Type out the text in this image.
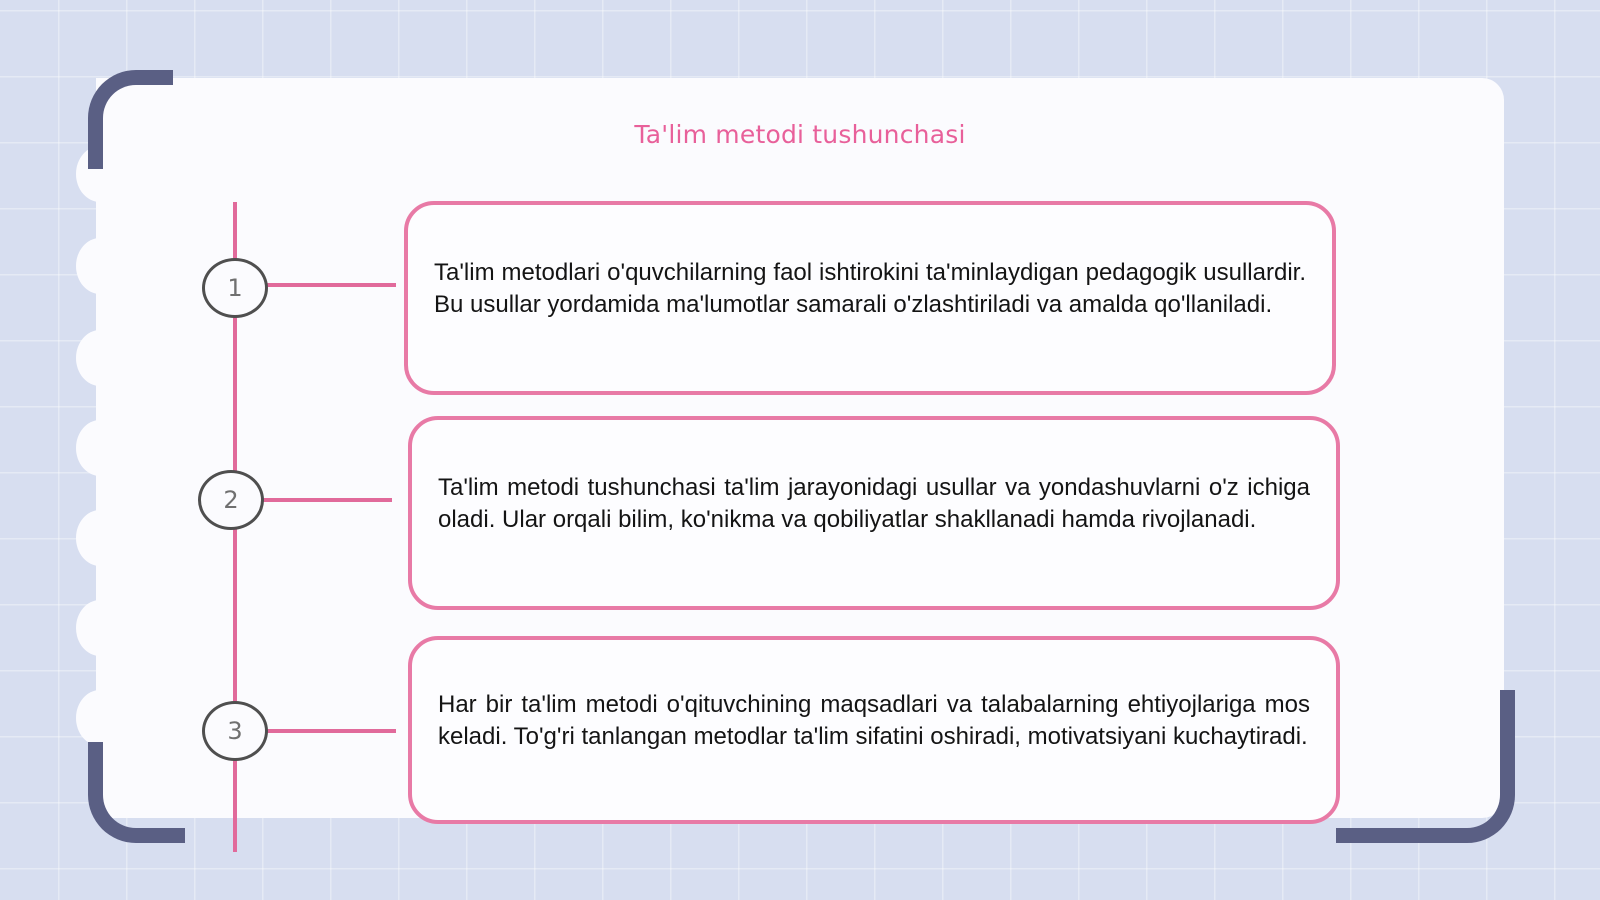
Ta'lim metodi tushunchasi
1
2
3

Ta'lim metodlari o'quvchilarning faol ishtirokini ta'minlaydigan pedagogik usullardir. Bu usullar yordamida ma'lumotlar samarali o'zlashtiriladi va amalda qo'llaniladi.

Ta'lim metodi tushunchasi ta'lim jarayonidagi usullar va yondashuvlarni o'z ichiga oladi. Ular orqali bilim, ko'nikma va qobiliyatlar shakllanadi hamda rivojlanadi.

Har bir ta'lim metodi o'qituvchining maqsadlari va talabalarning ehtiyojlariga mos keladi. To'g'ri tanlangan metodlar ta'lim sifatini oshiradi, motivatsiyani kuchaytiradi.
